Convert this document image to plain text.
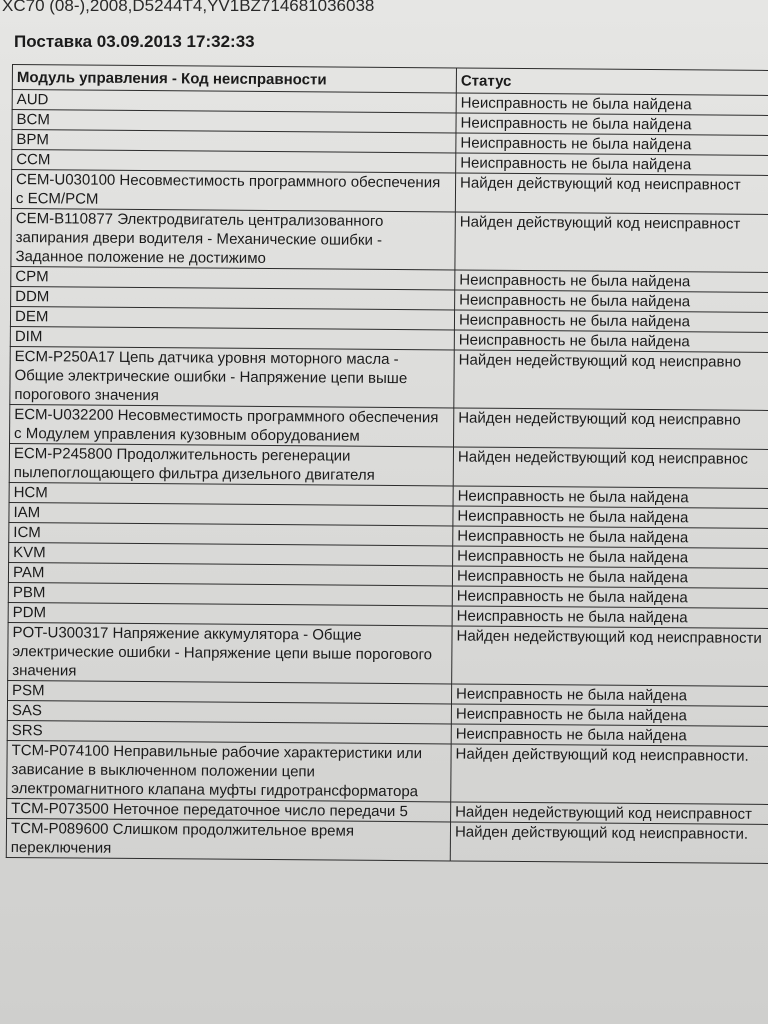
XC70 (08-),2008,D5244T4,YV1BZ714681036038
Поставка 03.09.2013 17:32:33
Модуль управления - Код неисправности	Статус
AUD	Неисправность не была найдена
BCM	Неисправность не была найдена
BPM	Неисправность не была найдена
CCM	Неисправность не была найдена
CEM-U030100 Несовместимость программного обеспечения с ECM/PCM	Найден действующий код неисправност
CEM-B110877 Электродвигатель централизованного запирания двери водителя - Механические ошибки - Заданное положение не достижимо	Найден действующий код неисправност
CPM	Неисправность не была найдена
DDM	Неисправность не была найдена
DEM	Неисправность не была найдена
DIM	Неисправность не была найдена
ECM-P250A17 Цепь датчика уровня моторного масла - Общие электрические ошибки - Напряжение цепи выше порогового значения	Найден недействующий код неисправно
ECM-U032200 Несовместимость программного обеспечения с Модулем управления кузовным оборудованием	Найден недействующий код неисправно
ECM-P245800 Продолжительность регенерации пылепоглощающего фильтра дизельного двигателя	Найден недействующий код неисправнос
HCM	Неисправность не была найдена
IAM	Неисправность не была найдена
ICM	Неисправность не была найдена
KVM	Неисправность не была найдена
PAM	Неисправность не была найдена
PBM	Неисправность не была найдена
PDM	Неисправность не была найдена
POT-U300317 Напряжение аккумулятора - Общие электрические ошибки - Напряжение цепи выше порогового значения	Найден недействующий код неисправности
PSM	Неисправность не была найдена
SAS	Неисправность не была найдена
SRS	Неисправность не была найдена
TCM-P074100 Неправильные рабочие характеристики или зависание в выключенном положении цепи электромагнитного клапана муфты гидротрансформатора	Найден действующий код неисправности.
TCM-P073500 Неточное передаточное число передачи 5	Найден недействующий код неисправност
TCM-P089600 Слишком продолжительное время переключения	Найден действующий код неисправности.
